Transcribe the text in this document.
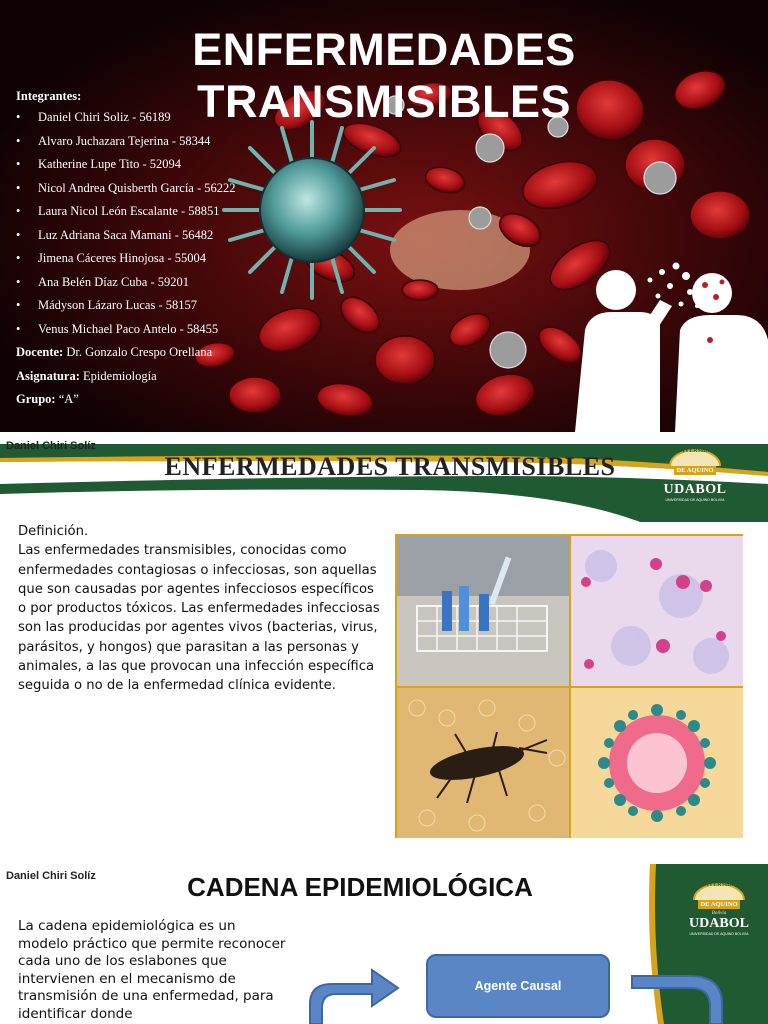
ENFERMEDADES TRANSMISIBLES
Integrantes:
• Daniel Chiri Soliz - 56189
• Alvaro Juchazara Tejerina - 58344
• Katherine Lupe Tito - 52094
• Nicol Andrea Quisberth García - 56222
• Laura Nicol León Escalante - 58851
• Luz Adriana Saca Mamani - 56482
• Jimena Cáceres Hinojosa - 55004
• Ana Belén Díaz Cuba - 59201
• Mádyson Lázaro Lucas - 58157
• Venus Michael Paco Antelo - 58455
Docente: Dr. Gonzalo Crespo Orellana
Asignatura: Epidemiología
Grupo: “A”
Daniel Chiri Solíz
ENFERMEDADES TRANSMISIBLES
UNIVERSIDAD
DE AQUINO
Bolivia
UDABOL
UNIVERSIDAD DE AQUINO BOLIVIA
Definición.
Las enfermedades transmisibles, conocidas como enfermedades contagiosas o infecciosas, son aquellas que son causadas por agentes infecciosos específicos o por productos tóxicos. Las enfermedades infecciosas son las producidas por agentes vivos (bacterias, virus, parásitos, y hongos) que parasitan a las personas y animales, a las que provocan una infección específica seguida o no de la enfermedad clínica evidente.
Daniel Chiri Solíz	CADENA EPIDEMIOLÓGICA	UNIVERSIDAD
DE AQUINO
Bolivia
UDABOL
UNIVERSIDAD DE AQUINO BOLIVIA
La cadena epidemiológica es un modelo práctico que permite reconocer cada uno de los eslabones que intervienen en el mecanismo de transmisión de una enfermedad, para identificar donde
Agente Causal
